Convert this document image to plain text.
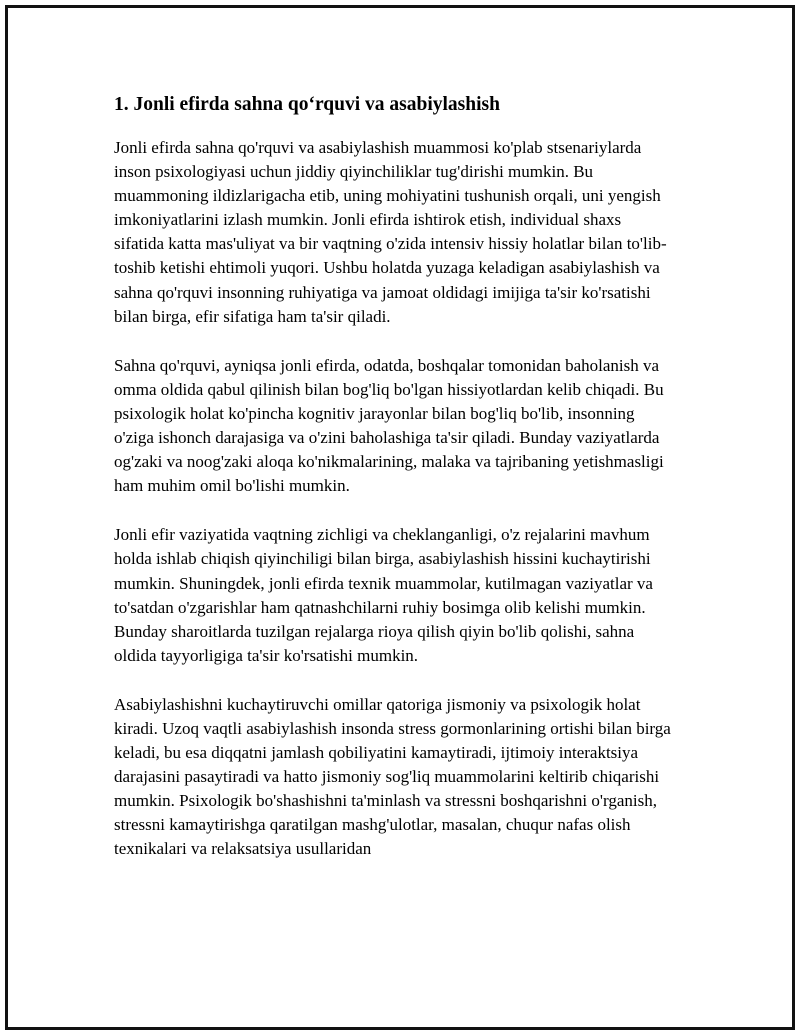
1. Jonli efirda sahna qo‘rquvi va asabiylashish

Jonli efirda sahna qo'rquvi va asabiylashish muammosi ko'plab stsenariylarda inson psixologiyasi uchun jiddiy qiyinchiliklar tug'dirishi mumkin. Bu muammoning ildizlarigacha etib, uning mohiyatini tushunish orqali, uni yengish imkoniyatlarini izlash mumkin. Jonli efirda ishtirok etish, individual shaxs sifatida katta mas'uliyat va bir vaqtning o'zida intensiv hissiy holatlar bilan to'lib-toshib ketishi ehtimoli yuqori. Ushbu holatda yuzaga keladigan asabiylashish va sahna qo'rquvi insonning ruhiyatiga va jamoat oldidagi imijiga ta'sir ko'rsatishi bilan birga, efir sifatiga ham ta'sir qiladi.

Sahna qo'rquvi, ayniqsa jonli efirda, odatda, boshqalar tomonidan baholanish va omma oldida qabul qilinish bilan bog'liq bo'lgan hissiyotlardan kelib chiqadi. Bu psixologik holat ko'pincha kognitiv jarayonlar bilan bog'liq bo'lib, insonning o'ziga ishonch darajasiga va o'zini baholashiga ta'sir qiladi. Bunday vaziyatlarda og'zaki va noog'zaki aloqa ko'nikmalarining, malaka va tajribaning yetishmasligi ham muhim omil bo'lishi mumkin.

Jonli efir vaziyatida vaqtning zichligi va cheklanganligi, o'z rejalarini mavhum holda ishlab chiqish qiyinchiligi bilan birga, asabiylashish hissini kuchaytirishi mumkin. Shuningdek, jonli efirda texnik muammolar, kutilmagan vaziyatlar va to'satdan o'zgarishlar ham qatnashchilarni ruhiy bosimga olib kelishi mumkin. Bunday sharoitlarda tuzilgan rejalarga rioya qilish qiyin bo'lib qolishi, sahna oldida tayyorligiga ta'sir ko'rsatishi mumkin.

Asabiylashishni kuchaytiruvchi omillar qatoriga jismoniy va psixologik holat kiradi. Uzoq vaqtli asabiylashish insonda stress gormonlarining ortishi bilan birga keladi, bu esa diqqatni jamlash qobiliyatini kamaytiradi, ijtimoiy interaktsiya darajasini pasaytiradi va hatto jismoniy sog'liq muammolarini keltirib chiqarishi mumkin. Psixologik bo'shashishni ta'minlash va stressni boshqarishni o'rganish, stressni kamaytirishga qaratilgan mashg'ulotlar, masalan, chuqur nafas olish texnikalari va relaksatsiya usullaridan
